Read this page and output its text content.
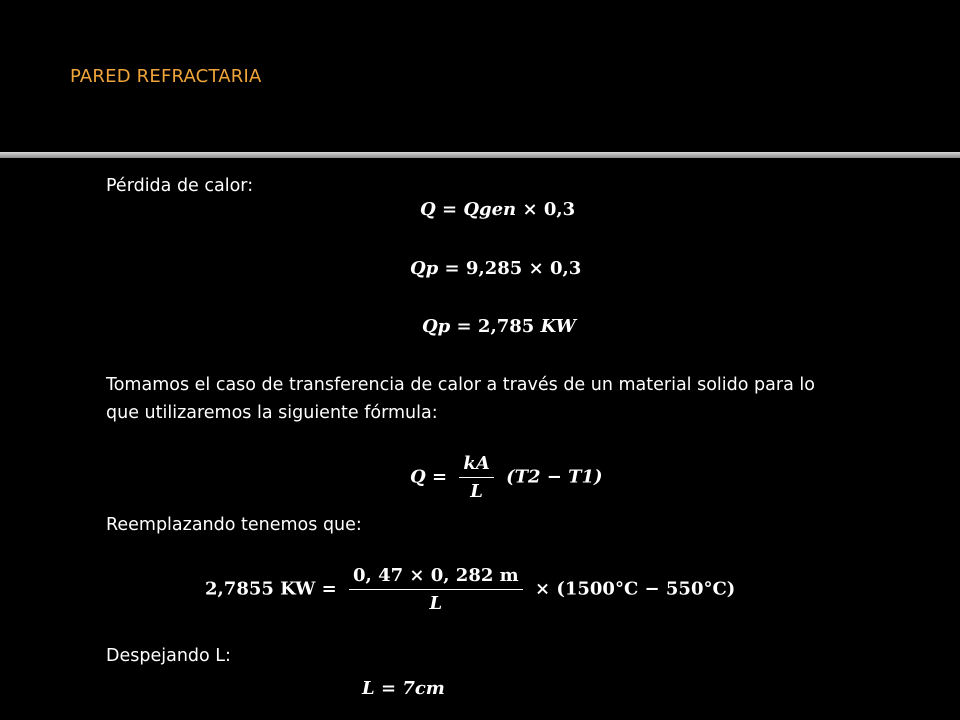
PARED REFRACTARIA
Pérdida de calor:
Q = Qgen × 0,3
Qp = 9,285 × 0,3
Qp = 2,785 KW
Tomamos el caso de transferencia de calor a través de un material solido para lo
que utilizaremos la siguiente fórmula:
$Q = \frac{kA}{L} (T2 - T1)$
Reemplazando tenemos que:
2,7855 KW = $\frac{0, 47 \times 0, 282 m}{L} \times (1500^\circ C - 550^\circ C)$
Despejando L:
L = 7cm
